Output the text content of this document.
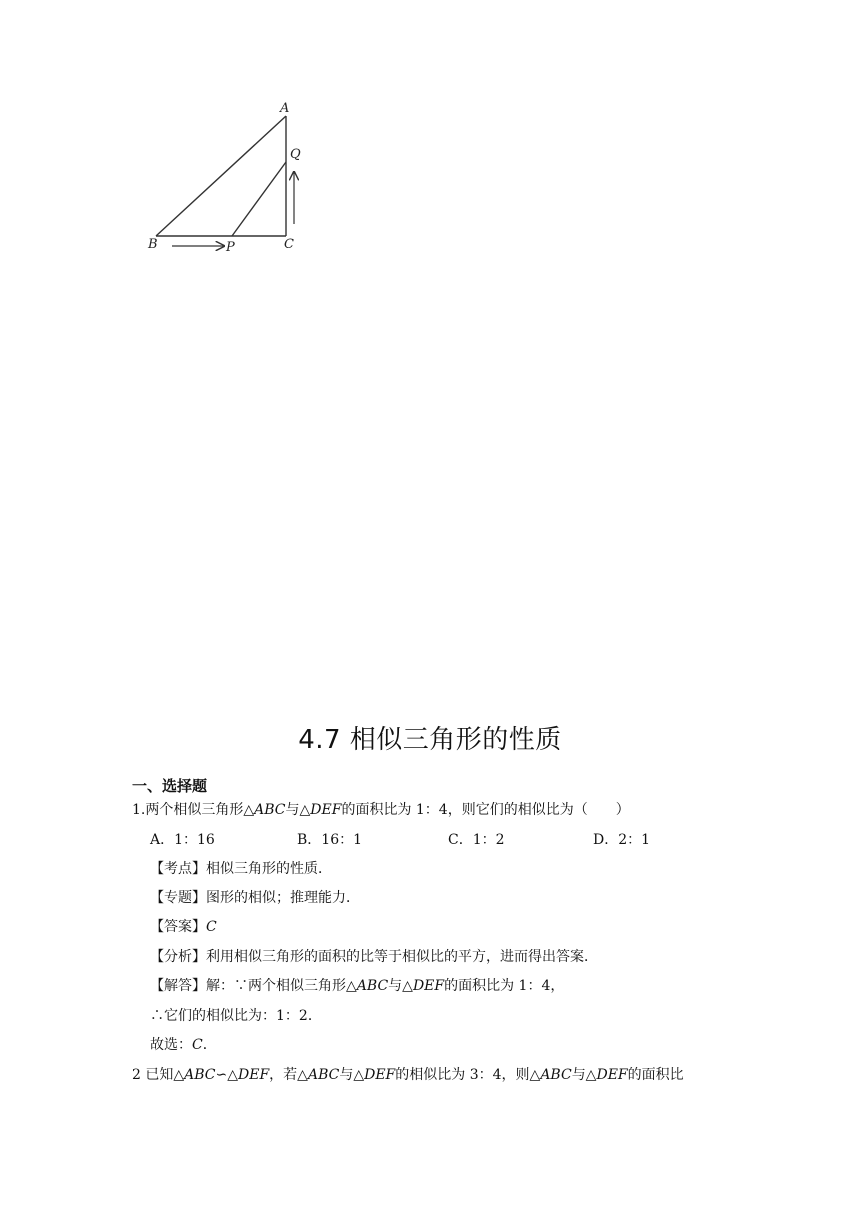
A
Q
B	P	C
4.7 相似三角形的性质
一、选择题
1.两个相似三角形△ABC与△DEF的面积比为 1：4，则它们的相似比为（　　）
A．1：16	B．16：1	C．1：2	D．2：1
【考点】相似三角形的性质．
【专题】图形的相似；推理能力．
【答案】C
【分析】利用相似三角形的面积的比等于相似比的平方，进而得出答案．
【解答】解：∵两个相似三角形△ABC与△DEF的面积比为 1：4，
∴它们的相似比为：1：2．
故选：C．
2 已知△ABC∽△DEF，若△ABC与△DEF的相似比为 3：4，则△ABC与△DEF的面积比
